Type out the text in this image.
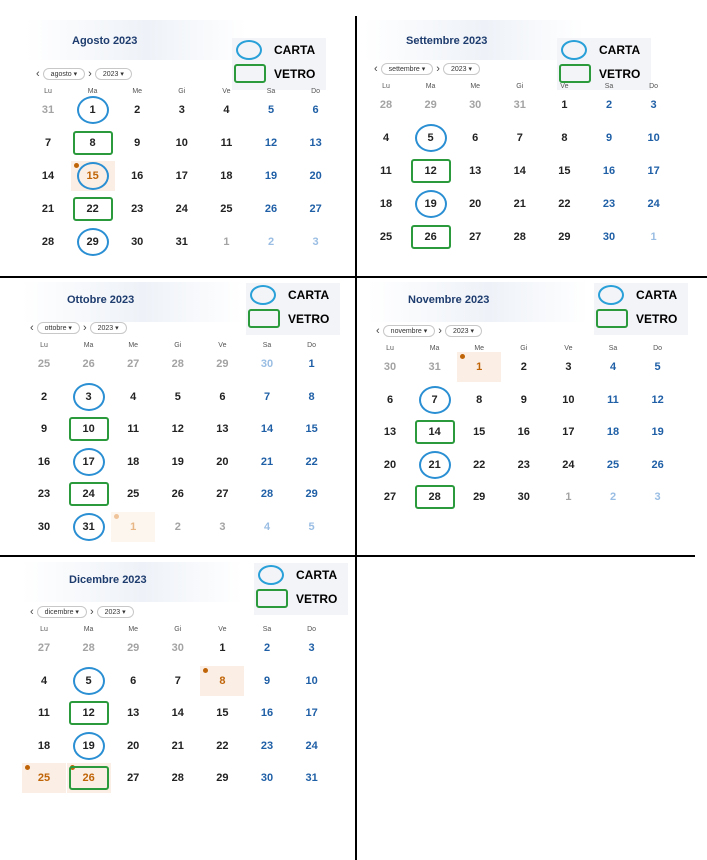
Agosto 2023
CARTA
VETRO
‹ agosto ▾ › 2023 ▾
Lu	Ma	Me	Gi	Ve	Sa	Do
31	1	2	3	4	5	6
7	8	9	10	11	12	13
14	15	16	17	18	19	20
21	22	23	24	25	26	27
28	29	30	31	1	2	3
Settembre 2023
CARTA
VETRO
‹ settembre ▾ › 2023 ▾
Lu	Ma	Me	Gi	Ve	Sa	Do
28	29	30	31	1	2	3
4	5	6	7	8	9	10
11	12	13	14	15	16	17
18	19	20	21	22	23	24
25	26	27	28	29	30	1
Ottobre 2023	CARTA
VETRO
‹ ottobre ▾ › 2023 ▾
Lu	Ma	Me	Gi	Ve	Sa	Do
25	26	27	28	29	30	1
2	3	4	5	6	7	8
9	10	11	12	13	14	15
16	17	18	19	20	21	22
23	24	25	26	27	28	29
30	31	1	2	3	4	5
Novembre 2023	CARTA
VETRO
‹ novembre ▾ › 2023 ▾
Lu	Ma	Me	Gi	Ve	Sa	Do
30	31	1	2	3	4	5
6	7	8	9	10	11	12
13	14	15	16	17	18	19
20	21	22	23	24	25	26
27	28	29	30	1	2	3
Dicembre 2023	CARTA
VETRO
‹ dicembre ▾ › 2023 ▾
Lu	Ma	Me	Gi	Ve	Sa	Do
27	28	29	30	1	2	3
4	5	6	7	8	9	10
11	12	13	14	15	16	17
18	19	20	21	22	23	24
25	26	27	28	29	30	31
